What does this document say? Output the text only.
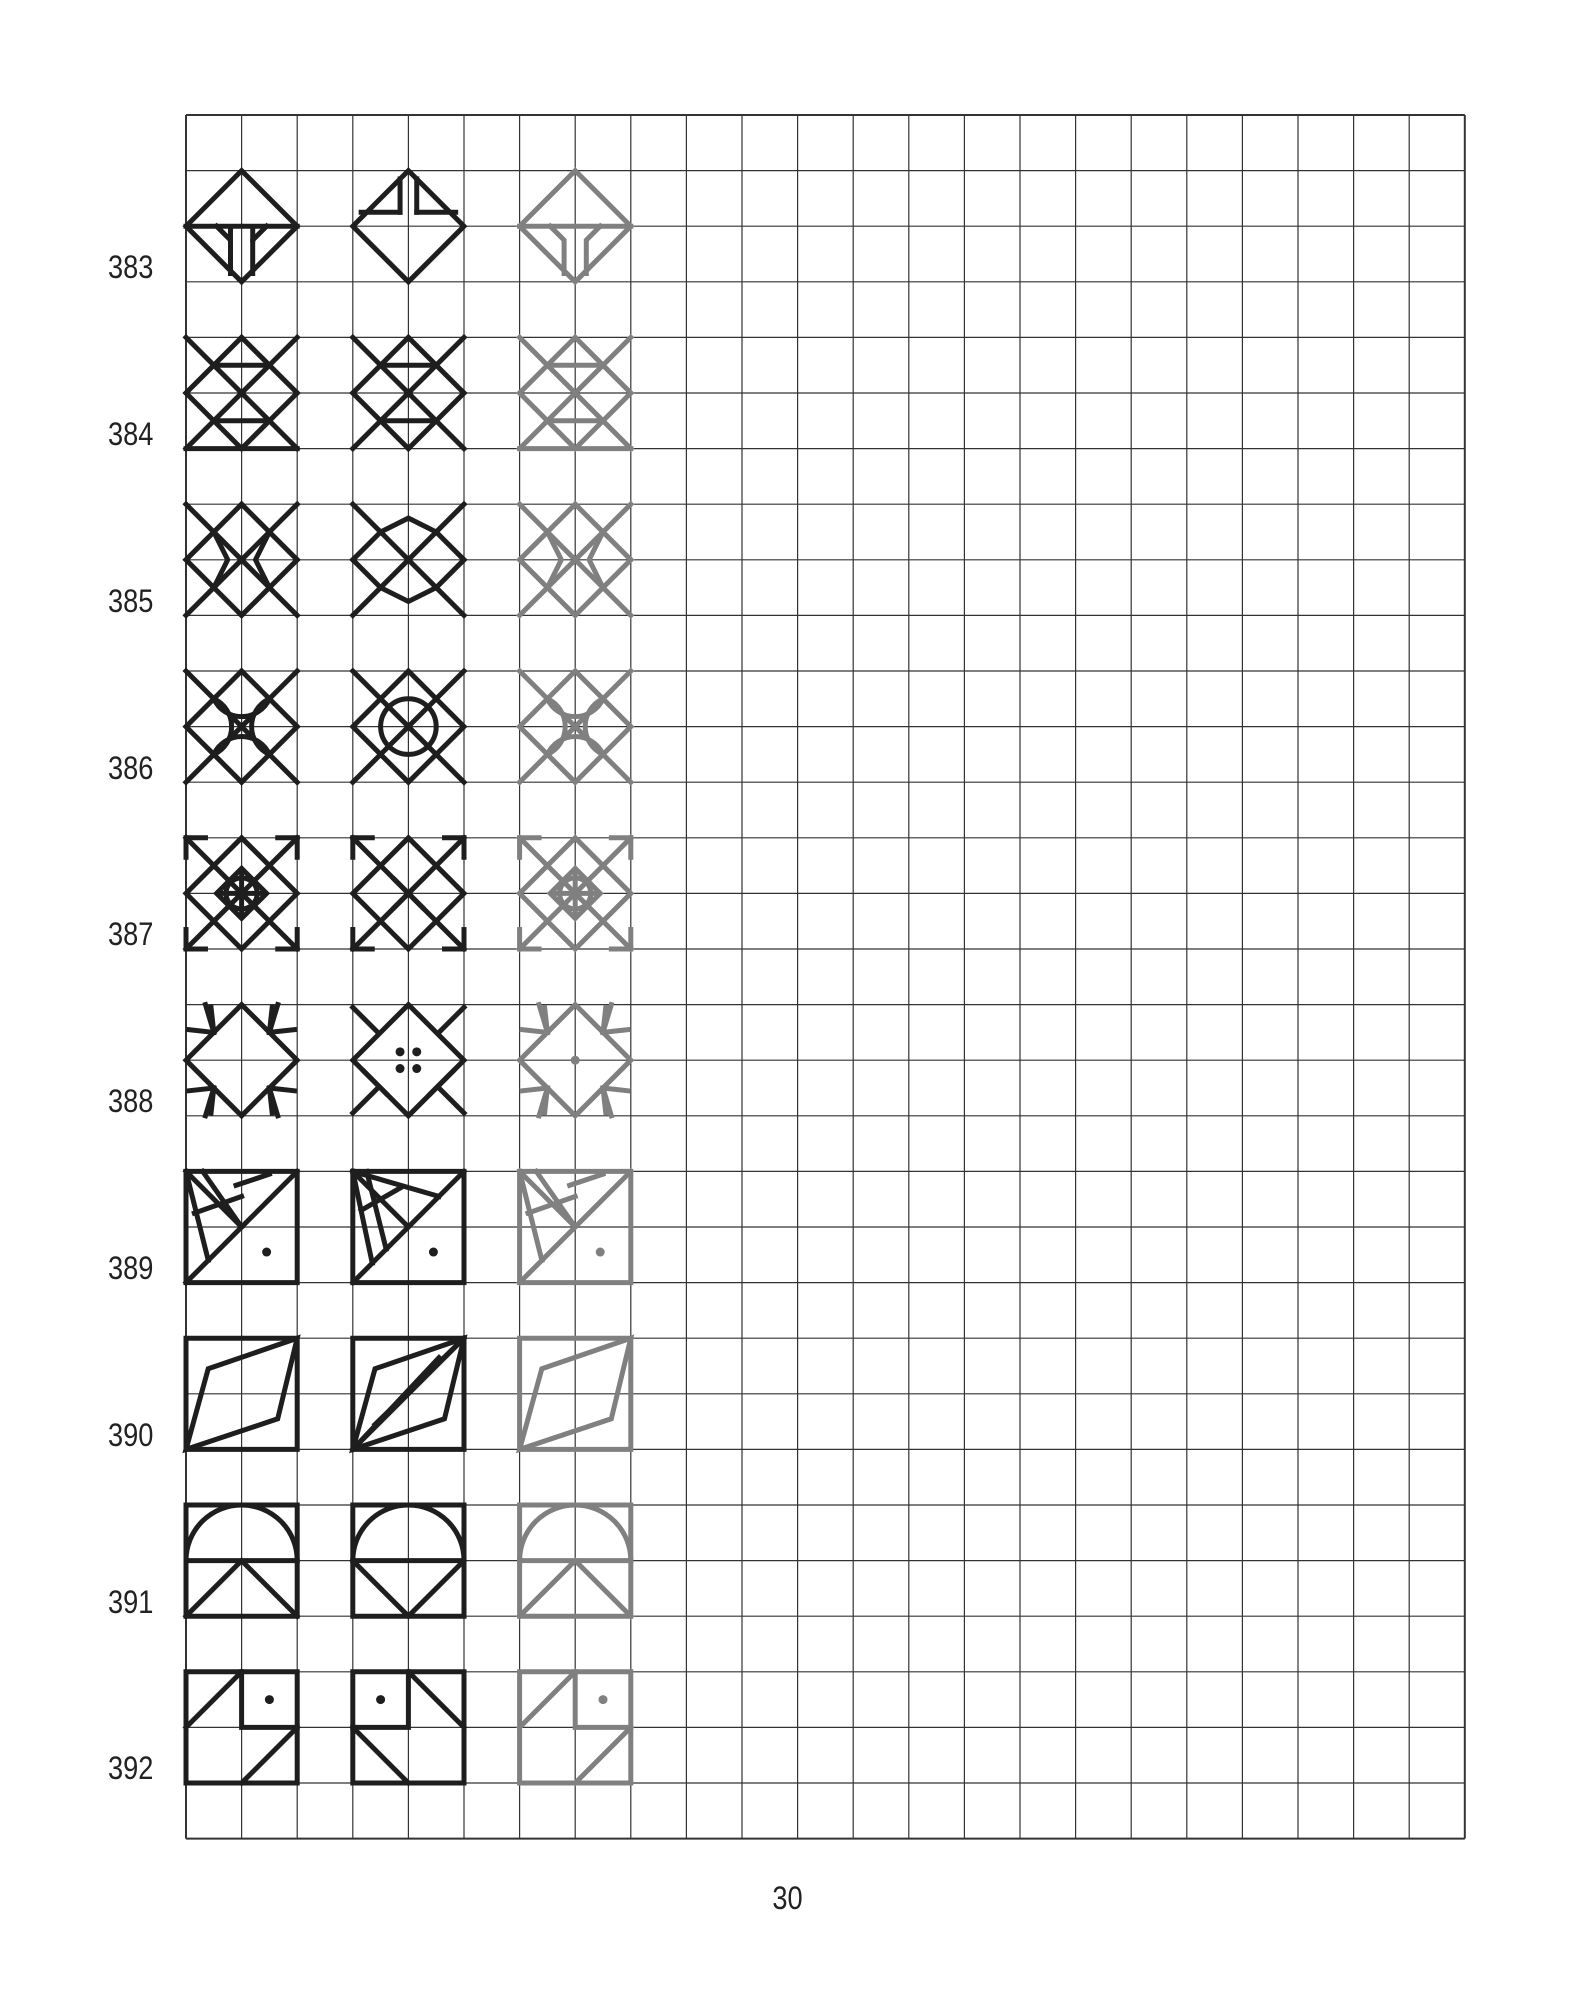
383
384
385
386
387
388
389
390
391
392
30
